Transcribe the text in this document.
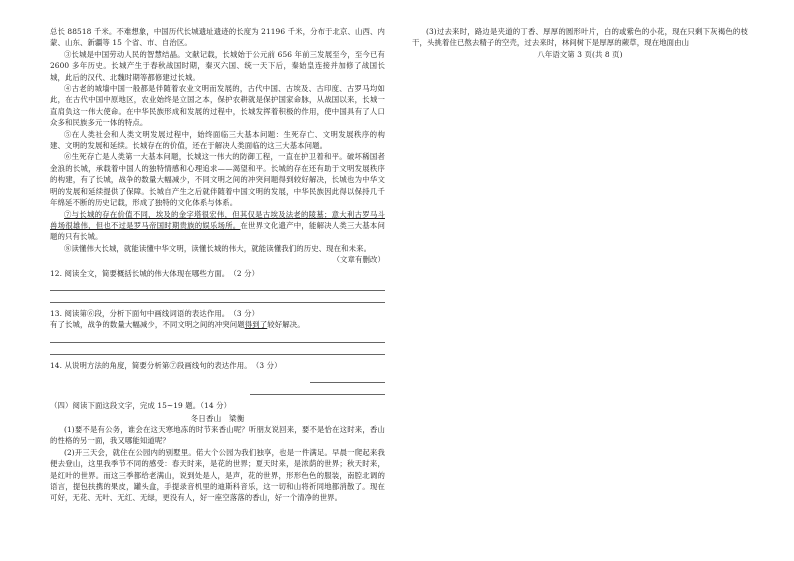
总长 88518 千米。不难想象，中国历代长城遗址遗迹的长度为 21196 千米，分布于北京、山西、内蒙、山东、新疆等 15 个省、市、自治区。

③长城是中国劳动人民的智慧结晶。文献记载，长城始于公元前 656 年前三发展至今，至今已有 2600 多年历史。长城产生于春秋战国时期，秦灭六国、统一天下后，秦始皇连接并加修了战国长城，此后的汉代、北魏时期等都修建过长城。

④古老的城墙中国一般都是伴随着农业文明而发展的，古代中国、古埃及、古印度、古罗马均如此，在古代中国中原地区，农业始终是立国之本，保护农耕就是保护国家命脉，从战国以来，长城一直肩负这一伟大使命。在中华民族形成和发展的过程中，长城发挥着积极的作用，使中国具有了人口众多和民族多元一体的特点。

⑤在人类社会和人类文明发展过程中，始终面临三大基本问题：生死存亡、文明发展秩序的构建、文明的发展和延续。长城存在的价值，还在于解决人类面临的这三大基本问题。

⑥生死存亡是人类第一大基本问题，长城这一伟大的防御工程，一直在护卫着和平。破坏稀国者金浪的长城，承载着中国人的独特情感和心理追求——渴望和平。长城的存在还有助于文明发展秩序的构建，有了长城，战争的数量大幅减少，不同文明之间的冲突问题得到较好解决，长城也为中华文明的发展和延续提供了保障。长城自产生之后就伴随着中国文明的发展，中华民族因此得以保持几千年绵延不断的历史记载，形成了独特的文化体系与体系。

⑦与长城的存在价值不同，埃及的金字塔很宏伟，但其仅是古埃及法老的陵墓；意大利古罗马斗兽场很雄伟，但也不过是罗马帝国时期贵族的娱乐场所。在世界文化遗产中，能解决人类三大基本问题的只有长城。

⑧读懂伟大长城，就能读懂中华文明，读懂长城的伟大，就能读懂我们的历史、现在和未来。

（文章有删改）

12. 阅读全文，简要概括长城的伟大体现在哪些方面。　（2 分）

13. 阅读第⑥段，分析下面句中画线词语的表达作用。　（3 分）

有了长城，战争的数量大幅减少，不同文明之间的冲突问题得到了较好解决。

14. 从说明方法的角度，简要分析第⑦段画线句的表达作用。　（3 分）

（四）阅读下面这段文字，完成 15~19 题。（14 分）

冬日香山　梁衡

(1)要不是有公务，谁会在这天寒地冻的时节来香山呢？听朋友说回来，要不是恰在这时来，香山的性格的另一面，我又哪能知道呢？

(2)开三天会，就住在公园内的别墅里。偌大个公园为我们独享，也是一件满足。早晨一爬起来我便去登山，这里我季节不同的感受：春天时来，是花的世界；夏天时来，是浓荫的世界；秋天时来，是红叶的世界。而这三季都给老满山，说到处是人，是声，花的世界，形形色色的服装，南腔北调的语言，提包扶携的果皮，罐头盒，手提录音机里的迪斯科音乐，这一切和山将祈同地都消散了。现在可好，无花、无叶、无红、无绿，更没有人，好一座空落落的香山，好一个清净的世界。

(3)过去来时，路边是夹道的丁香、厚厚的圆形叶片，白的或紫色的小花，现在只剩下灰褐色的枝干，头挑着住已熬去精子的空壳，过去来时，林间树下是厚厚的蕨草，现在地面由山

八年语文第 3 页(共 8 页)
